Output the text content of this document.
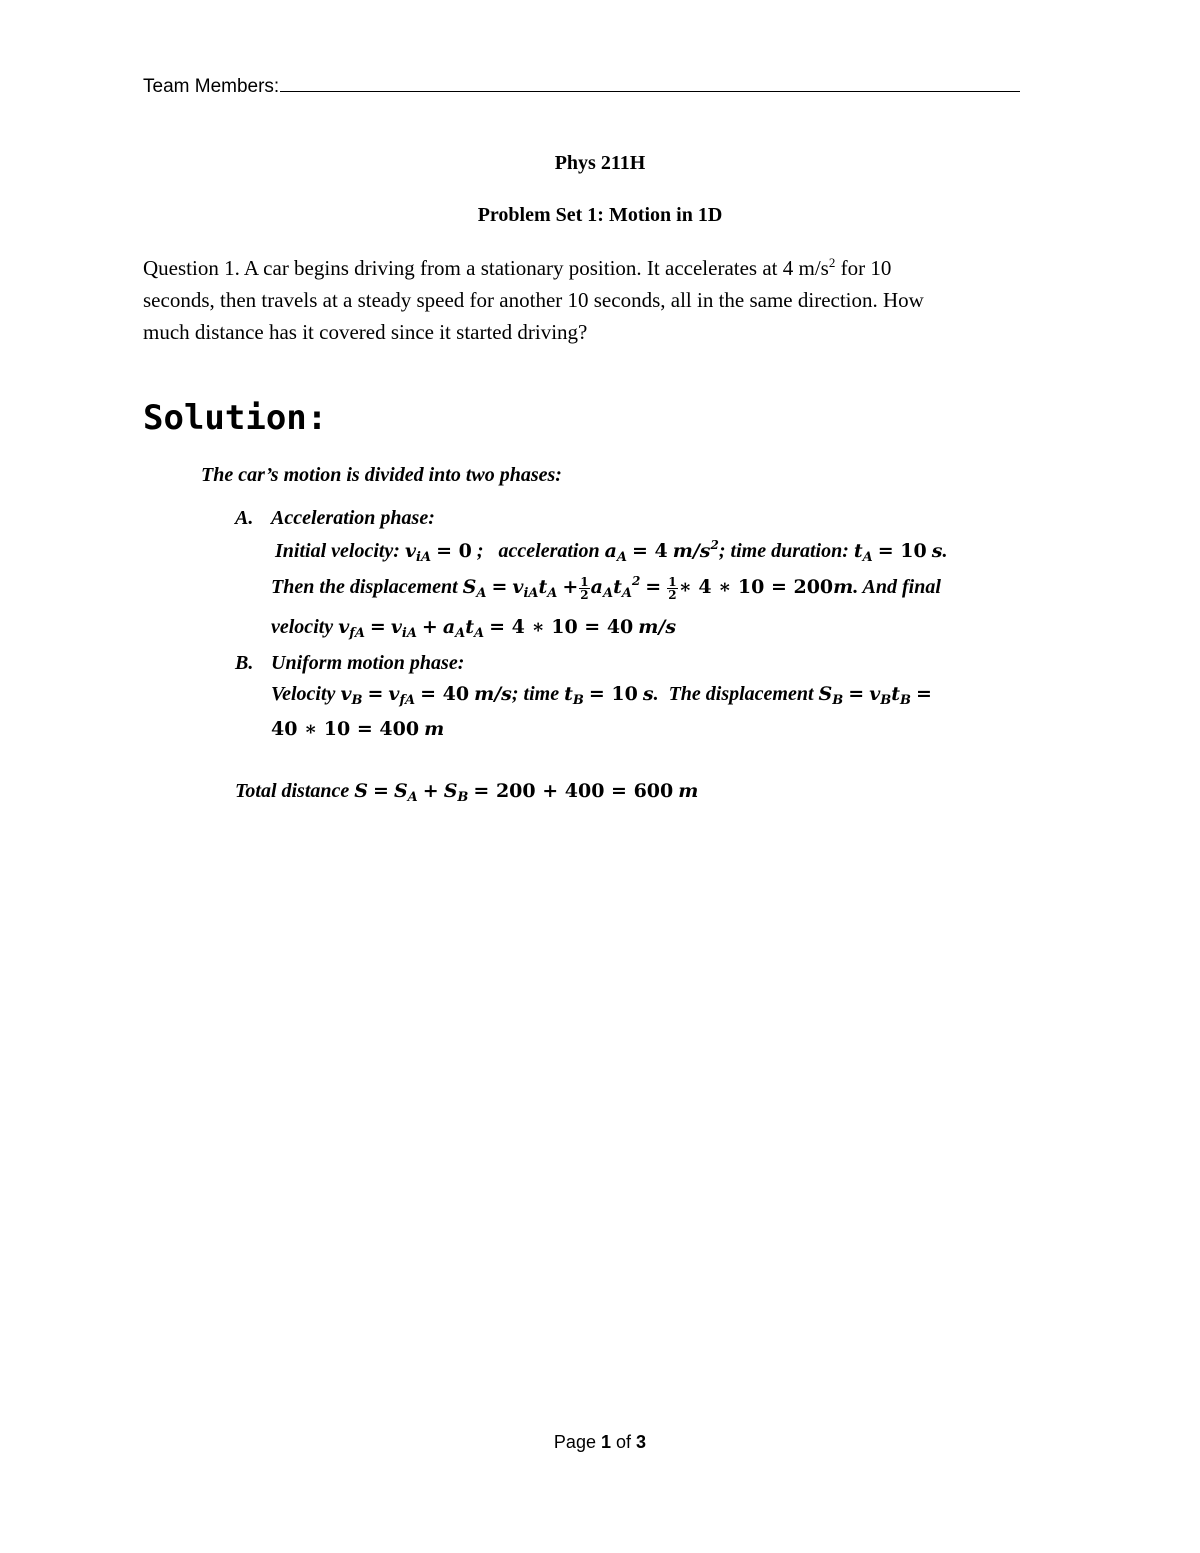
Team Members:
Phys 211H
Problem Set 1: Motion in 1D
Question 1. A car begins driving from a stationary position. It accelerates at 4 $m/s^2$ for 10
seconds, then travels at a steady speed for another 10 seconds, all in the same direction. How
much distance has it covered since it started driving?
Solution:
The car’s motion is divided into two phases:
A. Acceleration phase:
Initial velocity: $v_{iA} = 0$ ;   acceleration $a_A = 4$ $m/s^2$; time duration: $t_A = 10$ s.
Then the displacement $S_A = v_{iA}t_A + \frac{1}{2} a_At_A^2 = \frac{1}{2}$ ∗ 4 ∗ 10 = 200m. And final
velocity $v_{fA} = v_{iA} + a_At_A = 4$ ∗ 10 = 40 m/s
B. Uniform motion phase:
Velocity $v_B = v_{fA} = 40$ m/s; time $t_B = 10$ s.  The displacement $S_B = v_Bt_B$ =
40 ∗ 10 = 400 m
Total distance $S = S_A + S_B = 200 + 400 = 600$ m
Page 1 of 3
